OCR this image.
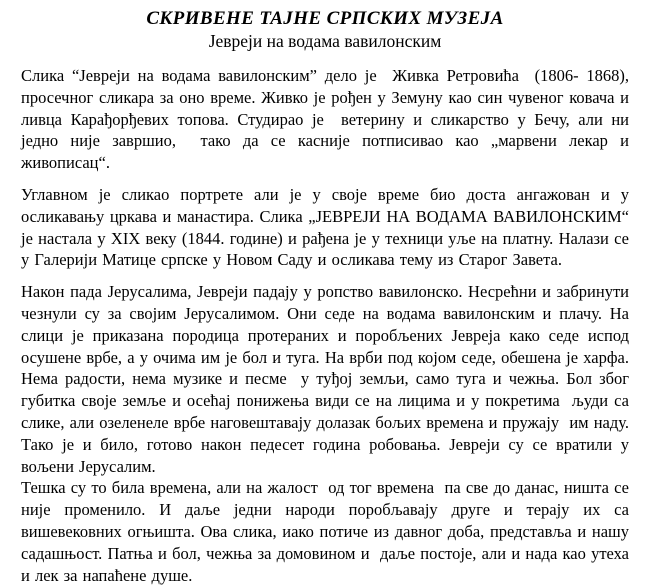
СКРИВЕНЕ ТАЈНЕ СРПСКИХ МУЗЕЈА
Јевреји на водама вавилонским

Слика “Јевреји на водама вавилонским” дело је  Живка Ретровића  (1806- 1868), просечног сликара за оно време. Живко је рођен у Земуну као син чувеног ковача и ливца Карађорђевих топова. Студирао је  ветерину и сликарство у Бечу, али ни једно није завршио,  тако да се касније потписивао као „марвени лекар и живописац“.

Углавном је сликао портрете али је у своје време био доста ангажован и у осликавању цркава и манастира. Слика „ЈЕВРЕЈИ НА ВОДАМА ВАВИЛОНСКИМ“  је настала у XIX веку (1844. године) и рађена је у техници уље на платну. Налази се у Галерији Матице српске у Новом Саду и осликава тему из Старог Завета.

Након пада Јерусалима, Јевреји падају у ропство вавилонско. Несрећни и забринути чезнули су за својим Јерусалимом. Они седе на водама вавилонским и плачу. На слици је приказана породица протераних и поробљених Јевреја како седе испод  осушене врбе, а у очима им је бол и туга. На врби под којом седе, обешена је харфа. Нема радости, нема музике и песме  у туђој земљи, само туга и чежња. Бол због губитка своје земље и осећај понижења види се на лицима и у покретима  људи са слике, али озеленеле врбе наговештавају долазак бољих времена и пружају  им наду.

Тако је и било, готово након педесет година робовања. Јевреји су се вратили у вољени Јерусалим.

Тешка су то била времена, али на жалост  од тог времена  па све до данас, ништа се није променило. И даље једни народи поробљавају друге и терају их са вишевековних огњишта. Ова слика, иако потиче из давног доба, представља и нашу садашњост. Патња и бол, чежња за домовином и  даље постоје, али и нада као утеха и лек за напаћене душе.
